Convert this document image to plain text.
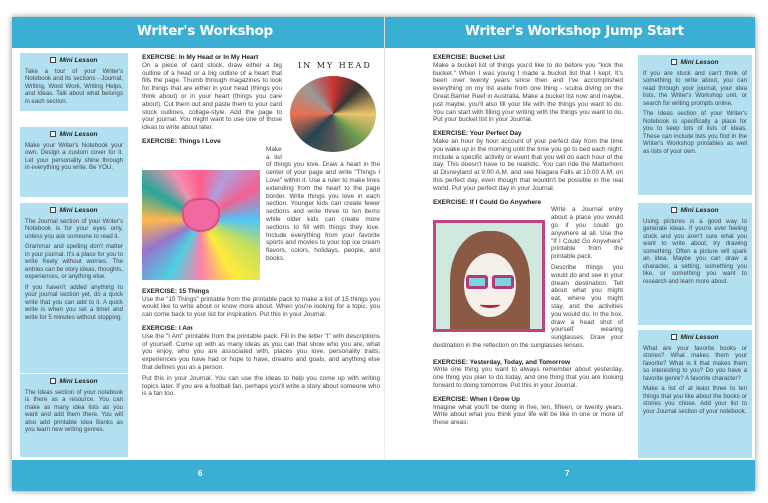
Writer's Workshop	Writer's Workshop Jump Start
Mini Lesson

Take a tour of your Writer's Notebook and its sections - Journal, Writing, Word Work, Writing Helps, and Ideas. Talk about what belongs in each section.

Mini Lesson

Make your Writer's Notebook your own. Design a custom cover for it. Let your personality shine through in everything you write. Be YOU.

Mini Lesson

The Journal section of your Writer's Notebook is for your eyes only, unless you ask someone to read it.

Grammar and spelling don't matter in your journal. It's a place for you to write freely without worries. The entries can be story ideas, thoughts, experiences, or anything else.

If you haven't added anything to your journal section yet, do a quick write that you can add to it. A quick write is when you set a timer and write for 5 minutes without stopping.

Mini Lesson

The Ideas section of your notebook is there as a resource. You can make as many idea lists as you want and add them there. You will also add printable Idea Banks as you learn new writing genres.

EXERCISE: In My Head or In My Heart
IN MY HEAD

On a piece of card stock, draw either a big outline of a head or a big outline of a heart that fills the page. Thumb through magazines to look for things that are either in your head (things you think about) or in your heart (things you care about). Cut them out and paste them to your card stock outlines, collage-style. Add the page to your journal. You might want to use one of those ideas to write about later.

EXERCISE: Things I Love

Make a list of things you love. Draw a heart in the center of your page and write "Things I Love" within it. Use a ruler to make lines extending from the heart to the page border. Write things you love in each section. Younger kids can create fewer sections and write three to ten items while older kids can create more sections to fill with things they love. Include everything from your favorite sports and movies to your top ice cream flavors, colors, holidays, people, and books.

EXERCISE: 15 Things

Use the "15 Things" printable from the printable pack to make a list of 15 things you would like to write about or know more about. When you're looking for a topic, you can come back to your list for inspiration. Put this in your Journal.

EXERCISE: I Am

Use the "I Am" printable from the printable pack. Fill in the letter "I" with descriptions of yourself. Come up with as many ideas as you can that show who you are, what you enjoy, who you are associated with, places you love, personality traits, experiences you have had or hope to have, dreams and goals, and anything else that defines you as a person.

Put this in your Journal. You can use the ideas to help you come up with writing topics later. If you are a football fan, perhaps you'll write a story about someone who is a fan too.

EXERCISE: Bucket List

Make a bucket list of things you'd like to do before you "kick the bucket." When I was young I made a bucket list that I kept. It's been over twenty years since then and I've accomplished everything on my list aside from one thing - scuba diving on the Great Barrier Reef in Australia. Make a bucket list now and maybe, just maybe, you'll also fill your life with the things you want to do. You can start with filling your writing with the things you want to do. Put your bucket list in your Journal.

EXERCISE: Your Perfect Day

Make an hour by hour account of your perfect day from the time you wake up in the morning until the time you go to bed each night. Include a specific activity or event that you will do each hour of the day. This doesn't have to be realistic. You can ride the Matterhorn at Disneyland at 9:00 A.M. and see Niagara Falls at 10:00 A.M. on this perfect day, even though that wouldn't be possible in the real world. Put your perfect day in your Journal.

EXERCISE: If I Could Go Anywhere

Write a Journal entry about a place you would go if you could go anywhere at all. Use the "If I Could Go Anywhere" printable from the printable pack.

Describe things you would do and see in your dream destination. Tell about what you might eat, where you might stay, and the activities you would do. In the box, draw a head shot of yourself wearing sunglasses. Draw your destination in the reflection on the sunglasses lenses.

EXERCISE: Yesterday, Today, and Tomorrow

Write one thing you want to always remember about yesterday, one thing you plan to do today, and one thing that you are looking forward to doing tomorrow. Put this in your Journal.

EXERCISE: When I Grow Up

Imagine what you'll be doing in five, ten, fifteen, or twenty years. Write about what you think your life will be like in one or more of these areas:

Mini Lesson

If you are stuck and can't think of something to write about, you can read through your journal, your idea lists, the Writer's Workshop unit, or search for writing prompts online.

The Ideas section of your Writer's Notebook is specifically a place for you to keep lots of lists of ideas. These can include lists you find in the Writer's Workshop printables as well as lists of your own.

Mini Lesson

Using pictures is a good way to generate ideas. If you're ever feeling stuck and you aren't sure what you want to write about, try drawing something. Often a picture will spark an idea. Maybe you can draw a character, a setting, something you like, or something you want to research and learn more about.

Mini Lesson

What are your favorite books or stories? What makes them your favorite? What is it that makes them so interesting to you? Do you have a favorite genre? A favorite character?

Make a list of at least three to ten things that you like about the books or stories you chose. Add your list to your Journal section of your notebook.

6	7
